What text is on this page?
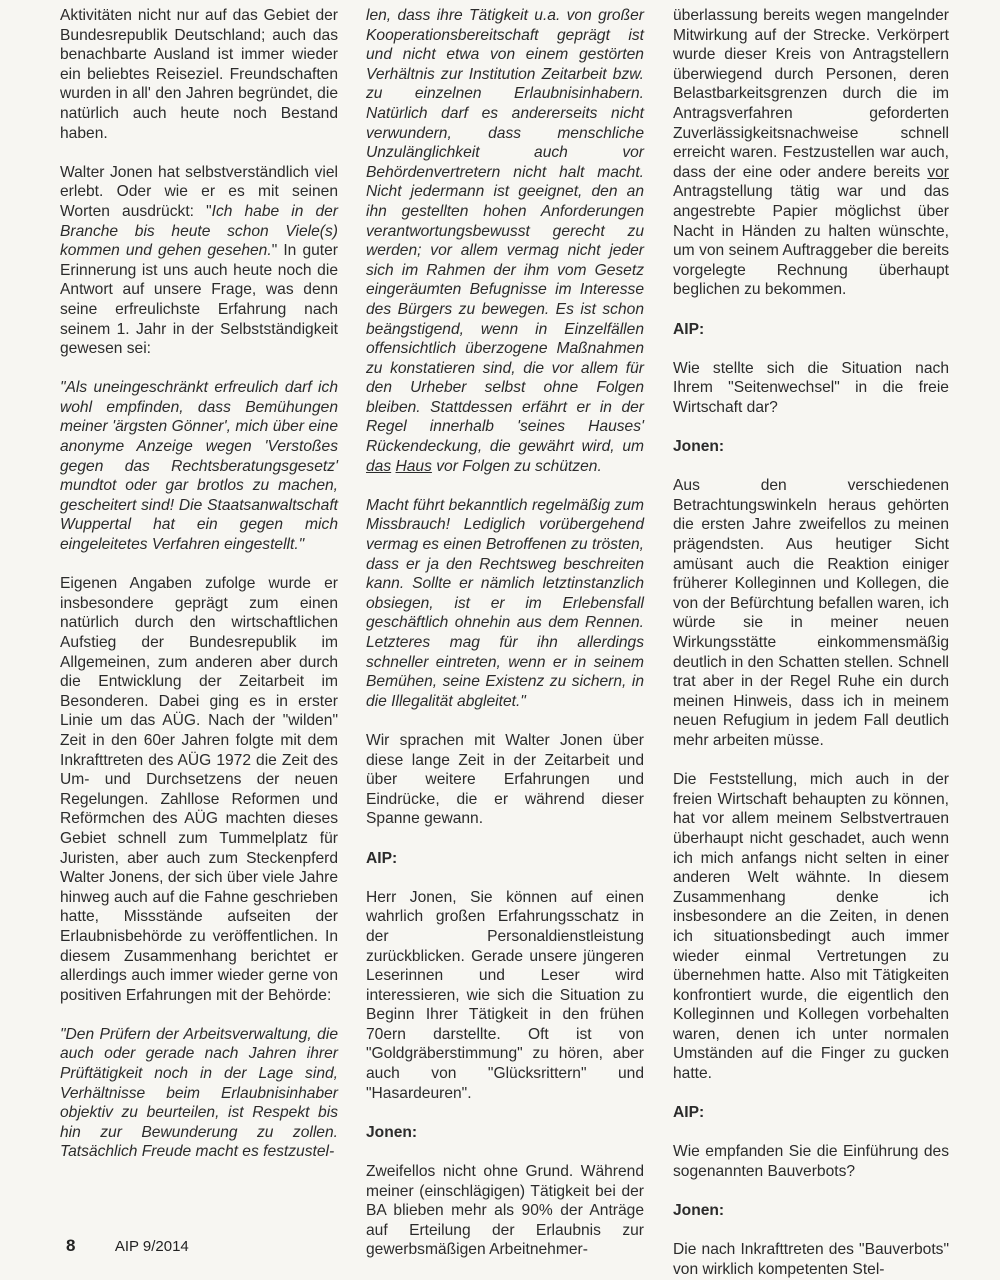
Aktivitäten nicht nur auf das Gebiet der Bundesrepublik Deutschland; auch das benachbarte Ausland ist immer wieder ein beliebtes Reiseziel. Freundschaften wurden in all' den Jahren begründet, die natürlich auch heute noch Bestand haben.

Walter Jonen hat selbstverständlich viel erlebt. Oder wie er es mit seinen Worten ausdrückt: "Ich habe in der Branche bis heute schon Viele(s) kommen und gehen gesehen." In guter Erinnerung ist uns auch heute noch die Antwort auf unsere Frage, was denn seine erfreulichste Erfahrung nach seinem 1. Jahr in der Selbstständigkeit gewesen sei:

"Als uneingeschränkt erfreulich darf ich wohl empfinden, dass Bemühungen meiner 'ärgsten Gönner', mich über eine anonyme Anzeige wegen 'Verstoßes gegen das Rechtsberatungsgesetz' mundtot oder gar brotlos zu machen, gescheitert sind! Die Staatsanwaltschaft Wuppertal hat ein gegen mich eingeleitetes Verfahren eingestellt."

Eigenen Angaben zufolge wurde er insbesondere geprägt zum einen natürlich durch den wirtschaftlichen Aufstieg der Bundesrepublik im Allgemeinen, zum anderen aber durch die Entwicklung der Zeitarbeit im Besonderen. Dabei ging es in erster Linie um das AÜG. Nach der "wilden" Zeit in den 60er Jahren folgte mit dem Inkrafttreten des AÜG 1972 die Zeit des Um- und Durchsetzens der neuen Regelungen. Zahllose Reformen und Reförmchen des AÜG machten dieses Gebiet schnell zum Tummelplatz für Juristen, aber auch zum Steckenpferd Walter Jonens, der sich über viele Jahre hinweg auch auf die Fahne geschrieben hatte, Missstände aufseiten der Erlaubnisbehörde zu veröffentlichen. In diesem Zusammenhang berichtet er allerdings auch immer wieder gerne von positiven Erfahrungen mit der Behörde:

"Den Prüfern der Arbeitsverwaltung, die auch oder gerade nach Jahren ihrer Prüftätigkeit noch in der Lage sind, Verhältnisse beim Erlaubnisinhaber objektiv zu beurteilen, ist Respekt bis hin zur Bewunderung zu zollen. Tatsächlich Freude macht es festzustel-

len, dass ihre Tätigkeit u.a. von großer Kooperationsbereitschaft geprägt ist und nicht etwa von einem gestörten Verhältnis zur Institution Zeitarbeit bzw. zu einzelnen Erlaubnisinhabern. Natürlich darf es andererseits nicht verwundern, dass menschliche Unzulänglichkeit auch vor Behördenvertretern nicht halt macht. Nicht jedermann ist geeignet, den an ihn gestellten hohen Anforderungen verantwortungsbewusst gerecht zu werden; vor allem vermag nicht jeder sich im Rahmen der ihm vom Gesetz eingeräumten Befugnisse im Interesse des Bürgers zu bewegen. Es ist schon beängstigend, wenn in Einzelfällen offensichtlich überzogene Maßnahmen zu konstatieren sind, die vor allem für den Urheber selbst ohne Folgen bleiben. Stattdessen erfährt er in der Regel innerhalb 'seines Hauses' Rückendeckung, die gewährt wird, um das Haus vor Folgen zu schützen.

Macht führt bekanntlich regelmäßig zum Missbrauch! Lediglich vorübergehend vermag es einen Betroffenen zu trösten, dass er ja den Rechtsweg beschreiten kann. Sollte er nämlich letztinstanzlich obsiegen, ist er im Erlebensfall geschäftlich ohnehin aus dem Rennen. Letzteres mag für ihn allerdings schneller eintreten, wenn er in seinem Bemühen, seine Existenz zu sichern, in die Illegalität abgleitet."

Wir sprachen mit Walter Jonen über diese lange Zeit in der Zeitarbeit und über weitere Erfahrungen und Eindrücke, die er während dieser Spanne gewann.

AIP:

Herr Jonen, Sie können auf einen wahrlich großen Erfahrungsschatz in der Personaldienstleistung zurückblicken. Gerade unsere jüngeren Leserinnen und Leser wird interessieren, wie sich die Situation zu Beginn Ihrer Tätigkeit in den frühen 70ern darstellte. Oft ist von "Goldgräberstimmung" zu hören, aber auch von "Glücksrittern" und "Hasardeuren".

Jonen:

Zweifellos nicht ohne Grund. Während meiner (einschlägigen) Tätigkeit bei der BA blieben mehr als 90% der Anträge auf Erteilung der Erlaubnis zur gewerbsmäßigen Arbeitnehmer-

überlassung bereits wegen mangelnder Mitwirkung auf der Strecke. Verkörpert wurde dieser Kreis von Antragstellern überwiegend durch Personen, deren Belastbarkeitsgrenzen durch die im Antragsverfahren geforderten Zuverlässigkeitsnachweise schnell erreicht waren. Festzustellen war auch, dass der eine oder andere bereits vor Antragstellung tätig war und das angestrebte Papier möglichst über Nacht in Händen zu halten wünschte, um von seinem Auftraggeber die bereits vorgelegte Rechnung überhaupt beglichen zu bekommen.

AIP:

Wie stellte sich die Situation nach Ihrem "Seitenwechsel" in die freie Wirtschaft dar?

Jonen:

Aus den verschiedenen Betrachtungswinkeln heraus gehörten die ersten Jahre zweifellos zu meinen prägendsten. Aus heutiger Sicht amüsant auch die Reaktion einiger früherer Kolleginnen und Kollegen, die von der Befürchtung befallen waren, ich würde sie in meiner neuen Wirkungsstätte einkommensmäßig deutlich in den Schatten stellen. Schnell trat aber in der Regel Ruhe ein durch meinen Hinweis, dass ich in meinem neuen Refugium in jedem Fall deutlich mehr arbeiten müsse.

Die Feststellung, mich auch in der freien Wirtschaft behaupten zu können, hat vor allem meinem Selbstvertrauen überhaupt nicht geschadet, auch wenn ich mich anfangs nicht selten in einer anderen Welt wähnte. In diesem Zusammenhang denke ich insbesondere an die Zeiten, in denen ich situationsbedingt auch immer wieder einmal Vertretungen zu übernehmen hatte. Also mit Tätigkeiten konfrontiert wurde, die eigentlich den Kolleginnen und Kollegen vorbehalten waren, denen ich unter normalen Umständen auf die Finger zu gucken hatte.

AIP:

Wie empfanden Sie die Einführung des sogenannten Bauverbots?

Jonen:

Die nach Inkrafttreten des "Bauverbots" von wirklich kompetenten Stel-

8	AIP 9/2014
